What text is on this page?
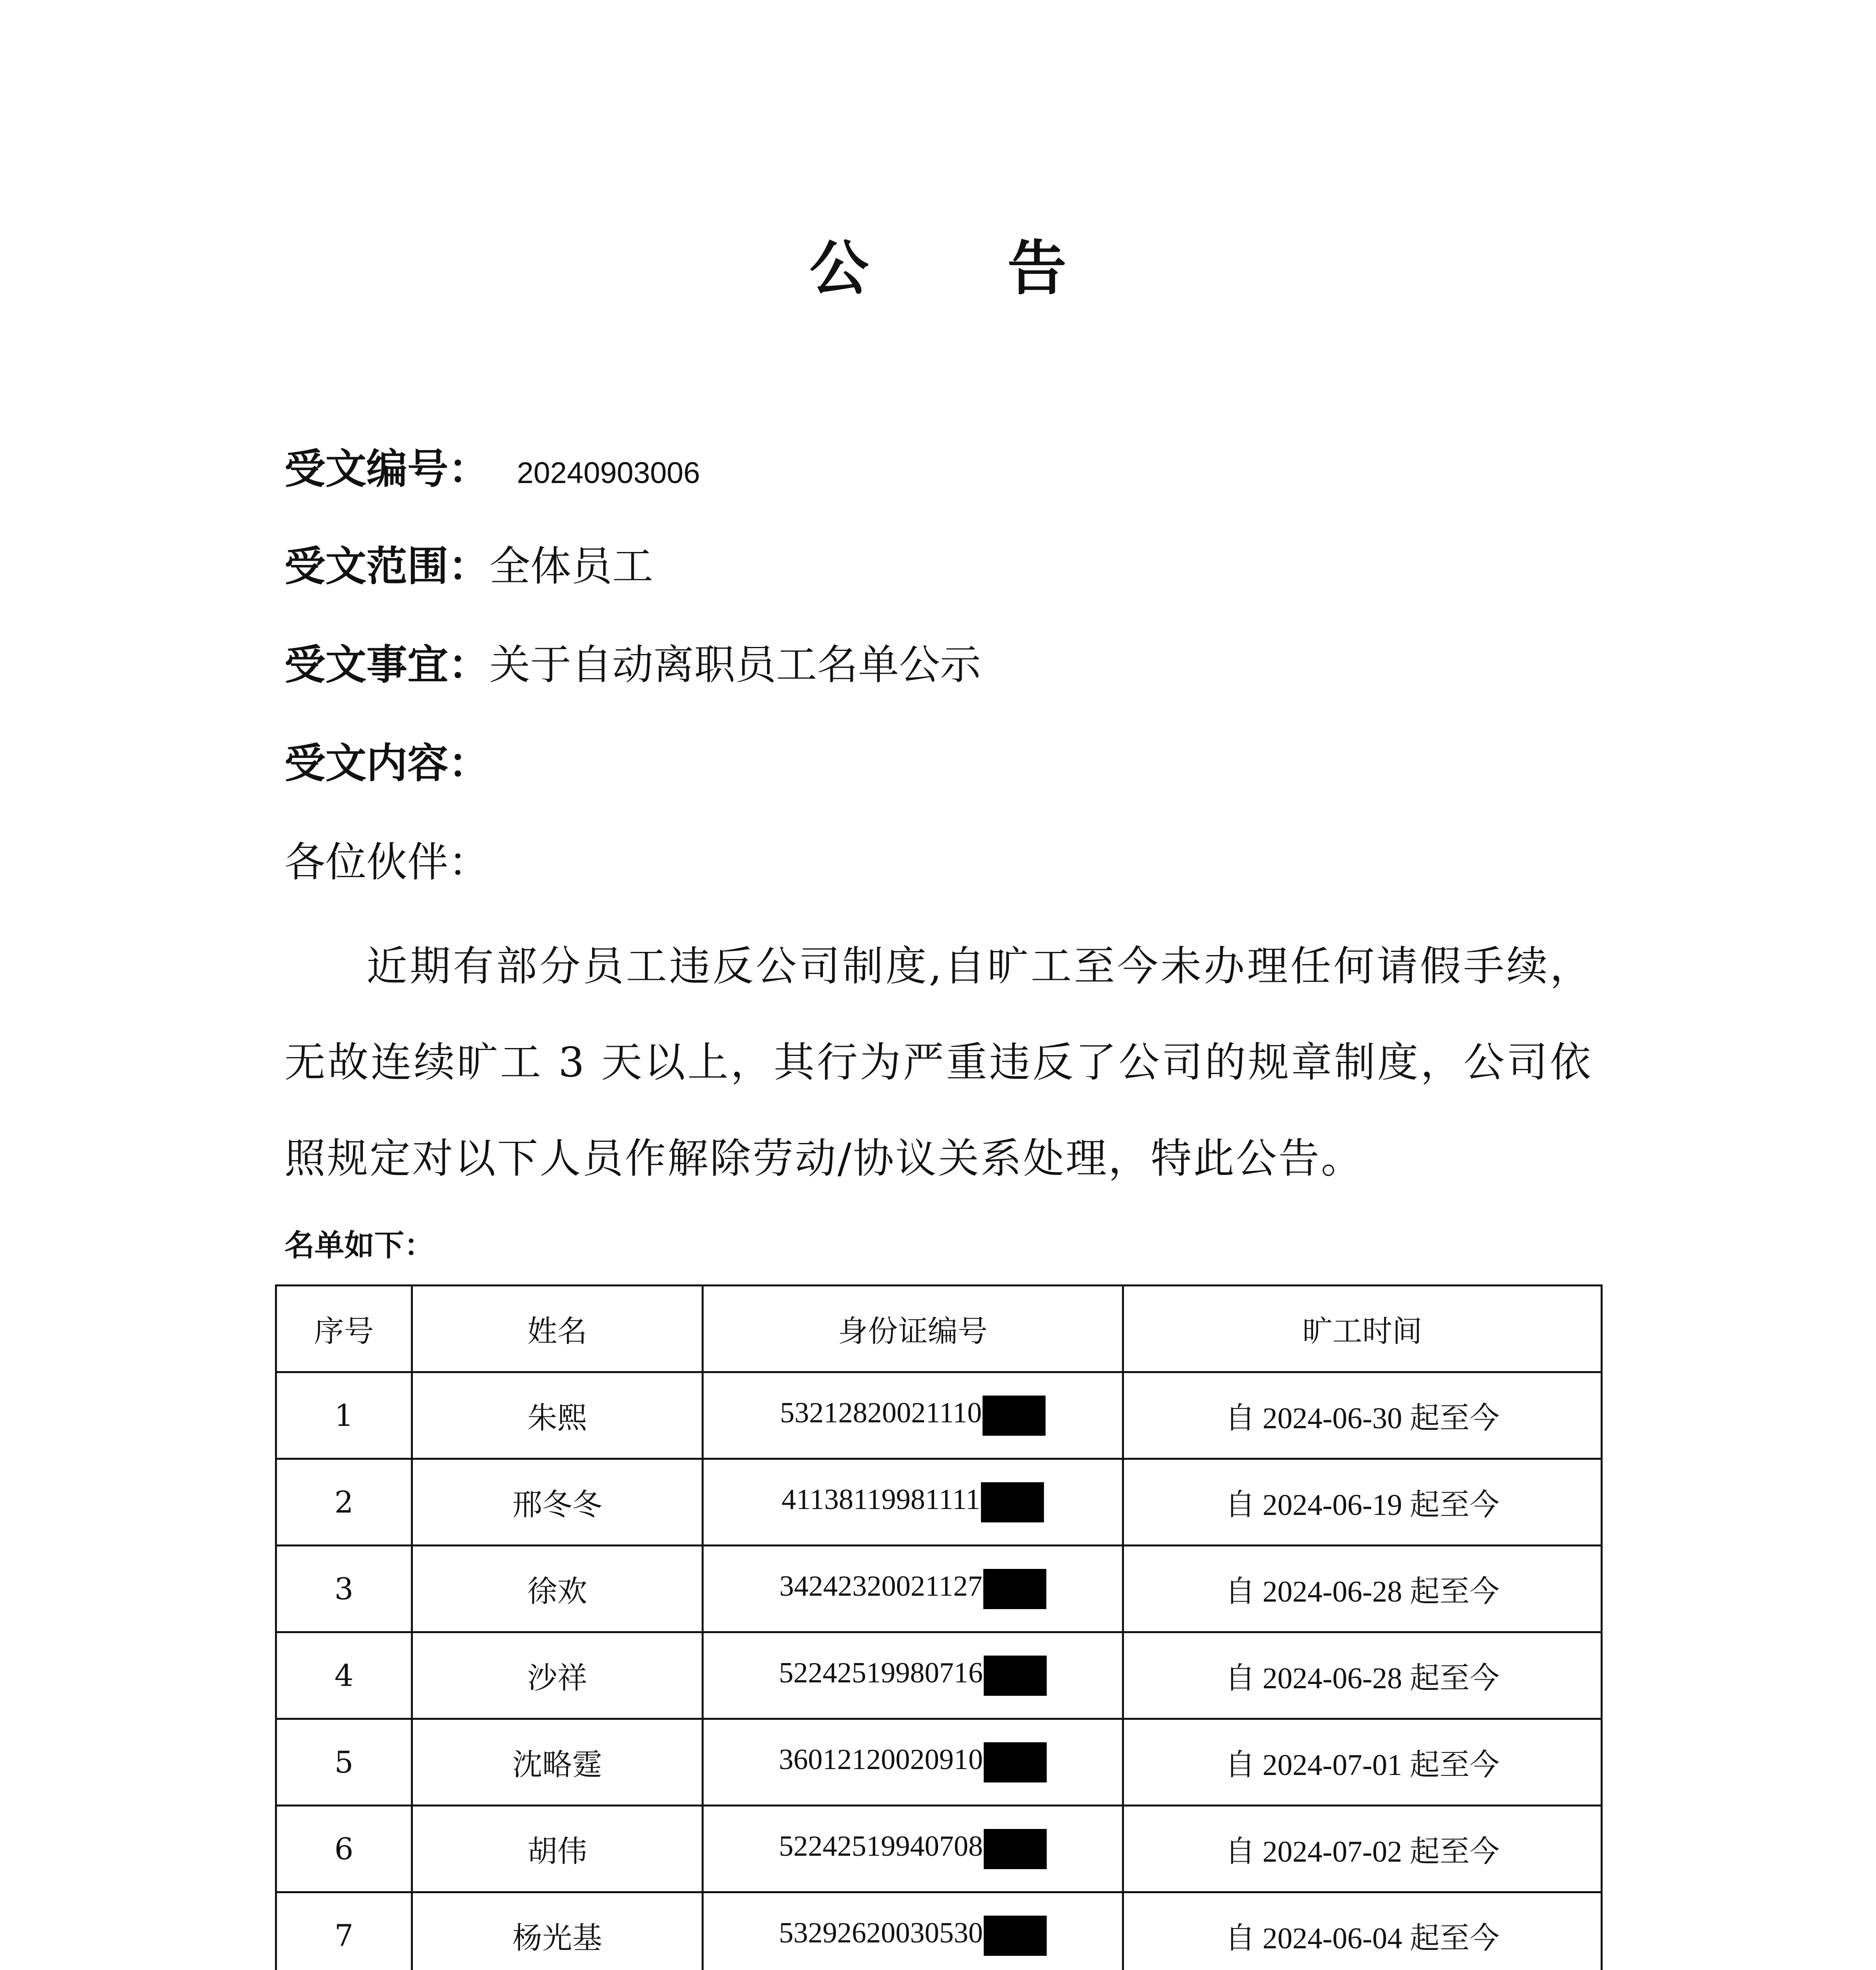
公 告
受文编号： 20240903006
受文范围：全体员工
受文事宜：关于自动离职员工名单公示
受文内容：
各位伙伴：
近期有部分员工违反公司制度,自旷工至今未办理任何请假手续，无故连续旷工 3 天以上，其行为严重违反了公司的规章制度，公司依照规定对以下人员作解除劳动/协议关系处理，特此公告。
名单如下：
序号	姓名	身份证编号	旷工时间
1	朱熙	53212820021110	自 2024-06-30 起至今
2	邢冬冬	41138119981111	自 2024-06-19 起至今
3	徐欢	34242320021127	自 2024-06-28 起至今
4	沙祥	52242519980716	自 2024-06-28 起至今
5	沈略霆	36012120020910	自 2024-07-01 起至今
6	胡伟	52242519940708	自 2024-07-02 起至今
7	杨光基	53292620030530	自 2024-06-04 起至今
